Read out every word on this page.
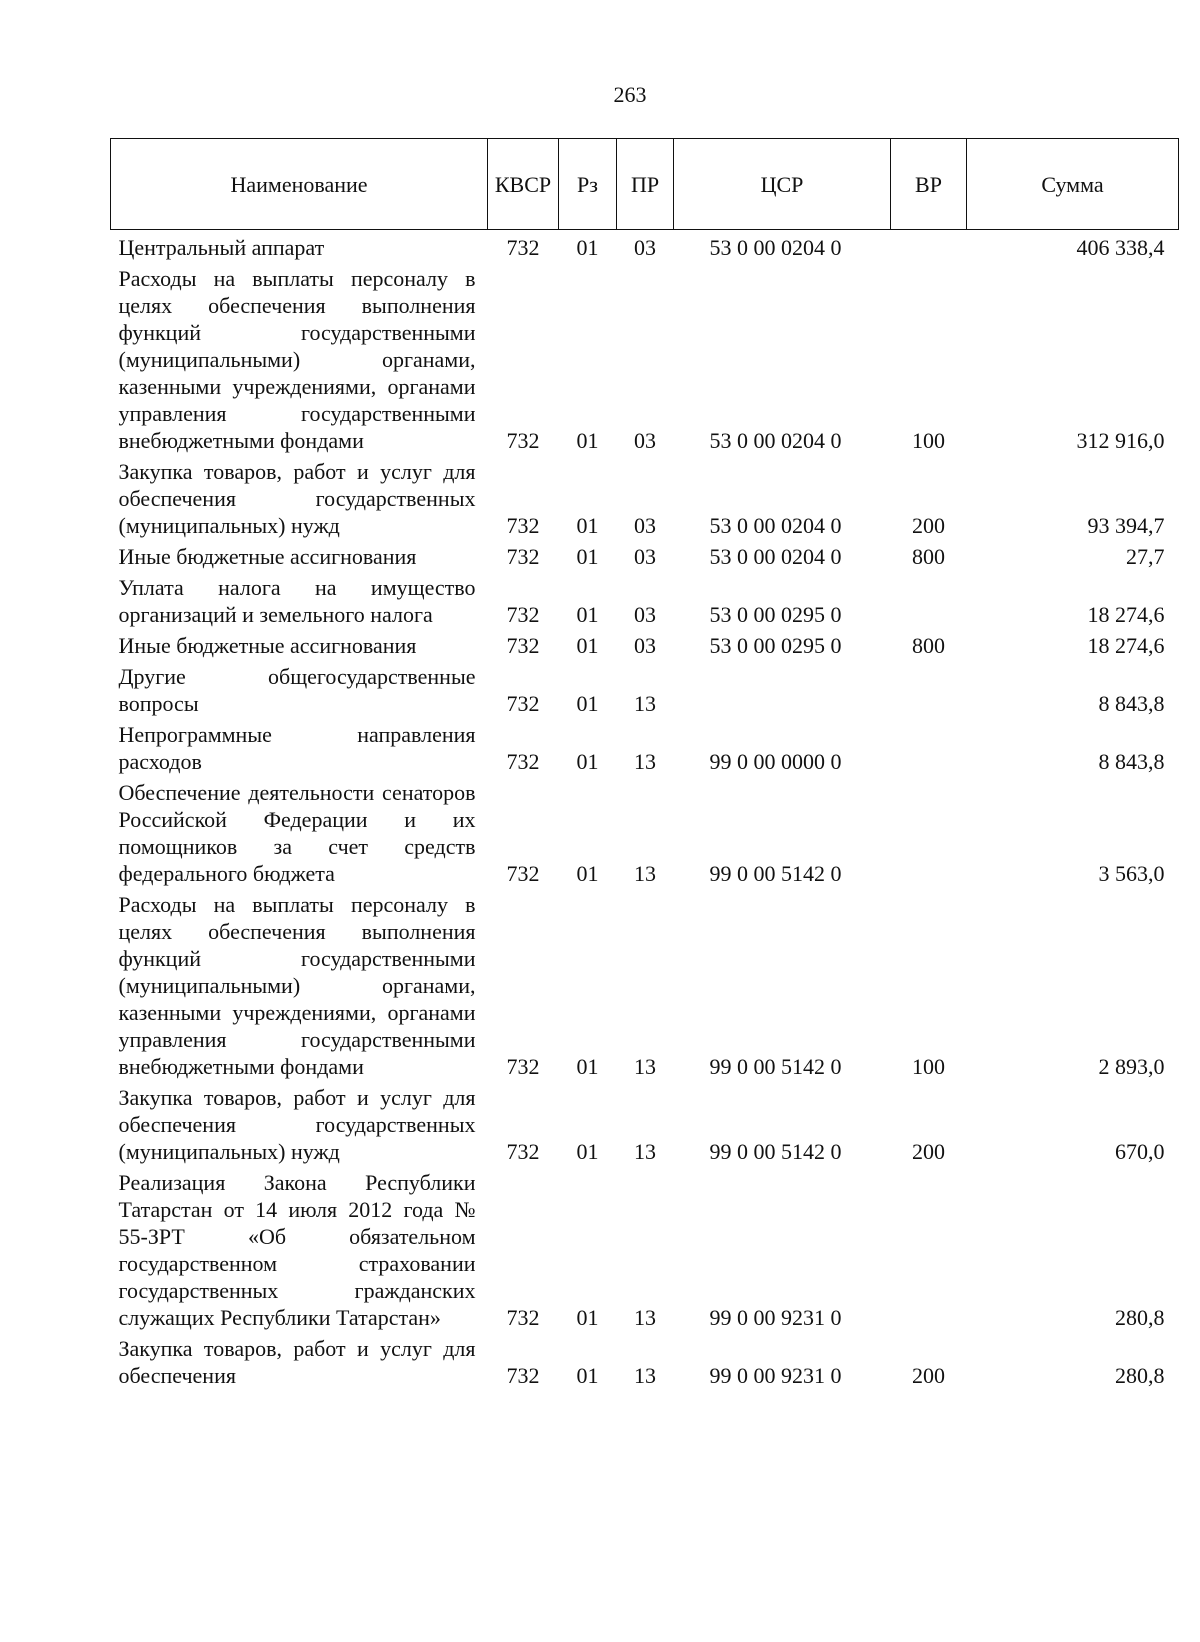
263
Наименование	КВСР	Рз	ПР	ЦСР	ВР	Сумма
Центральный аппарат	732	01	03	53 0 00 0204 0		406 338,4
Расходы на выплаты персоналу в целях обеспечения выполнения функций государственными (муниципальными) органами, казенными учреждениями, органами управления государственными внебюджетными фондами	732	01	03	53 0 00 0204 0	100	312 916,0
Закупка товаров, работ и услуг для обеспечения государственных (муниципальных) нужд	732	01	03	53 0 00 0204 0	200	93 394,7
Иные бюджетные ассигнования	732	01	03	53 0 00 0204 0	800	27,7
Уплата налога на имущество организаций и земельного налога	732	01	03	53 0 00 0295 0		18 274,6
Иные бюджетные ассигнования	732	01	03	53 0 00 0295 0	800	18 274,6
Другие общегосударственные вопросы	732	01	13			8 843,8
Непрограммные направления расходов	732	01	13	99 0 00 0000 0		8 843,8
Обеспечение деятельности сенаторов Российской Федерации и их помощников за счет средств федерального бюджета	732	01	13	99 0 00 5142 0		3 563,0
Расходы на выплаты персоналу в целях обеспечения выполнения функций государственными (муниципальными) органами, казенными учреждениями, органами управления государственными внебюджетными фондами	732	01	13	99 0 00 5142 0	100	2 893,0
Закупка товаров, работ и услуг для обеспечения государственных (муниципальных) нужд	732	01	13	99 0 00 5142 0	200	670,0
Реализация Закона Республики Татарстан от 14 июля 2012 года № 55-ЗРТ «Об обязательном государственном страховании государственных гражданских служащих Республики Татарстан»	732	01	13	99 0 00 9231 0		280,8
Закупка товаров, работ и услуг для обеспечения	732	01	13	99 0 00 9231 0	200	280,8
